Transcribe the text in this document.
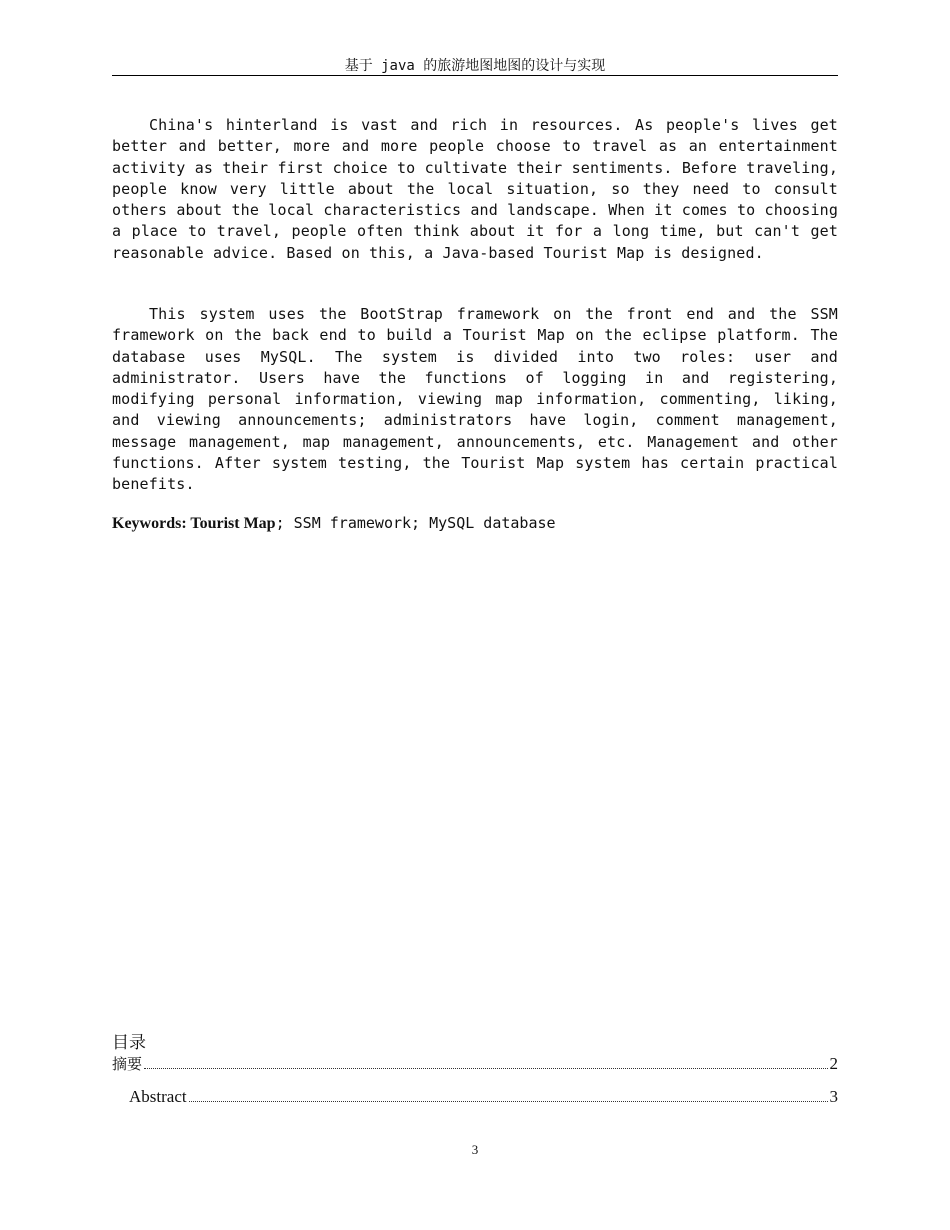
基于 java 的旅游地图地图的设计与实现

China's hinterland is vast and rich in resources. As people's lives get better and better, more and more people choose to travel as an entertainment activity as their first choice to cultivate their sentiments. Before traveling, people know very little about the local situation, so they need to consult others about the local characteristics and landscape. When it comes to choosing a place to travel, people often think about it for a long time, but can't get reasonable advice. Based on this, a Java-based Tourist Map is designed.

This system uses the BootStrap framework on the front end and the SSM framework on the back end to build a Tourist Map on the eclipse platform. The database uses MySQL. The system is divided into two roles: user and administrator. Users have the functions of logging in and registering, modifying personal information, viewing map information, commenting, liking, and viewing announcements; administrators have login, comment management, message management, map management, announcements, etc. Management and other functions. After system testing, the Tourist Map system has certain practical benefits.

Keywords: Tourist Map; SSM framework; MySQL database
目录
摘要	2
Abstract	3
3
